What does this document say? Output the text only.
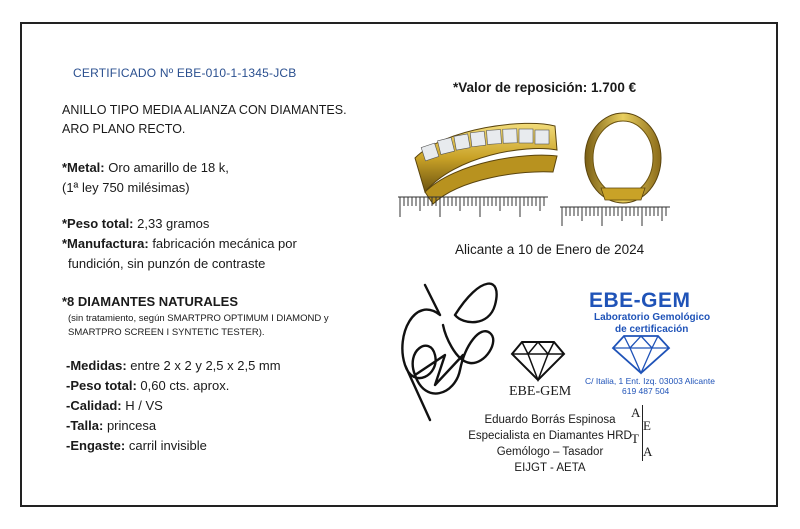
CERTIFICADO Nº EBE-010-1-1345-JCB
ANILLO TIPO MEDIA ALIANZA CON DIAMANTES.
ARO PLANO RECTO.
*Metal: Oro amarillo de 18 k,
(1ª ley 750 milésimas)
*Peso total: 2,33 gramos
*Manufactura: fabricación mecánica por
fundición, sin punzón de contraste
*8 DIAMANTES NATURALES
(sin tratamiento, según SMARTPRO OPTIMUM I DIAMOND y
SMARTPRO SCREEN I SYNTETIC TESTER).
-Medidas: entre 2 x 2 y 2,5 x 2,5 mm
-Peso total: 0,60 cts. aprox.
-Calidad: H / VS
-Talla: princesa
-Engaste: carril invisible
*Valor de reposición: 1.700 €
Alicante a 10 de Enero de 2024
EBE-GEM
EBE-GEM
Laboratorio Gemológico
de certificación
C/ Italia, 1 Ent. Izq. 03003 Alicante
619 487 504
Eduardo Borrás Espinosa
Especialista en Diamantes HRD
Gemólogo – Tasador
EIJGT - AETA
A
E
T
A
